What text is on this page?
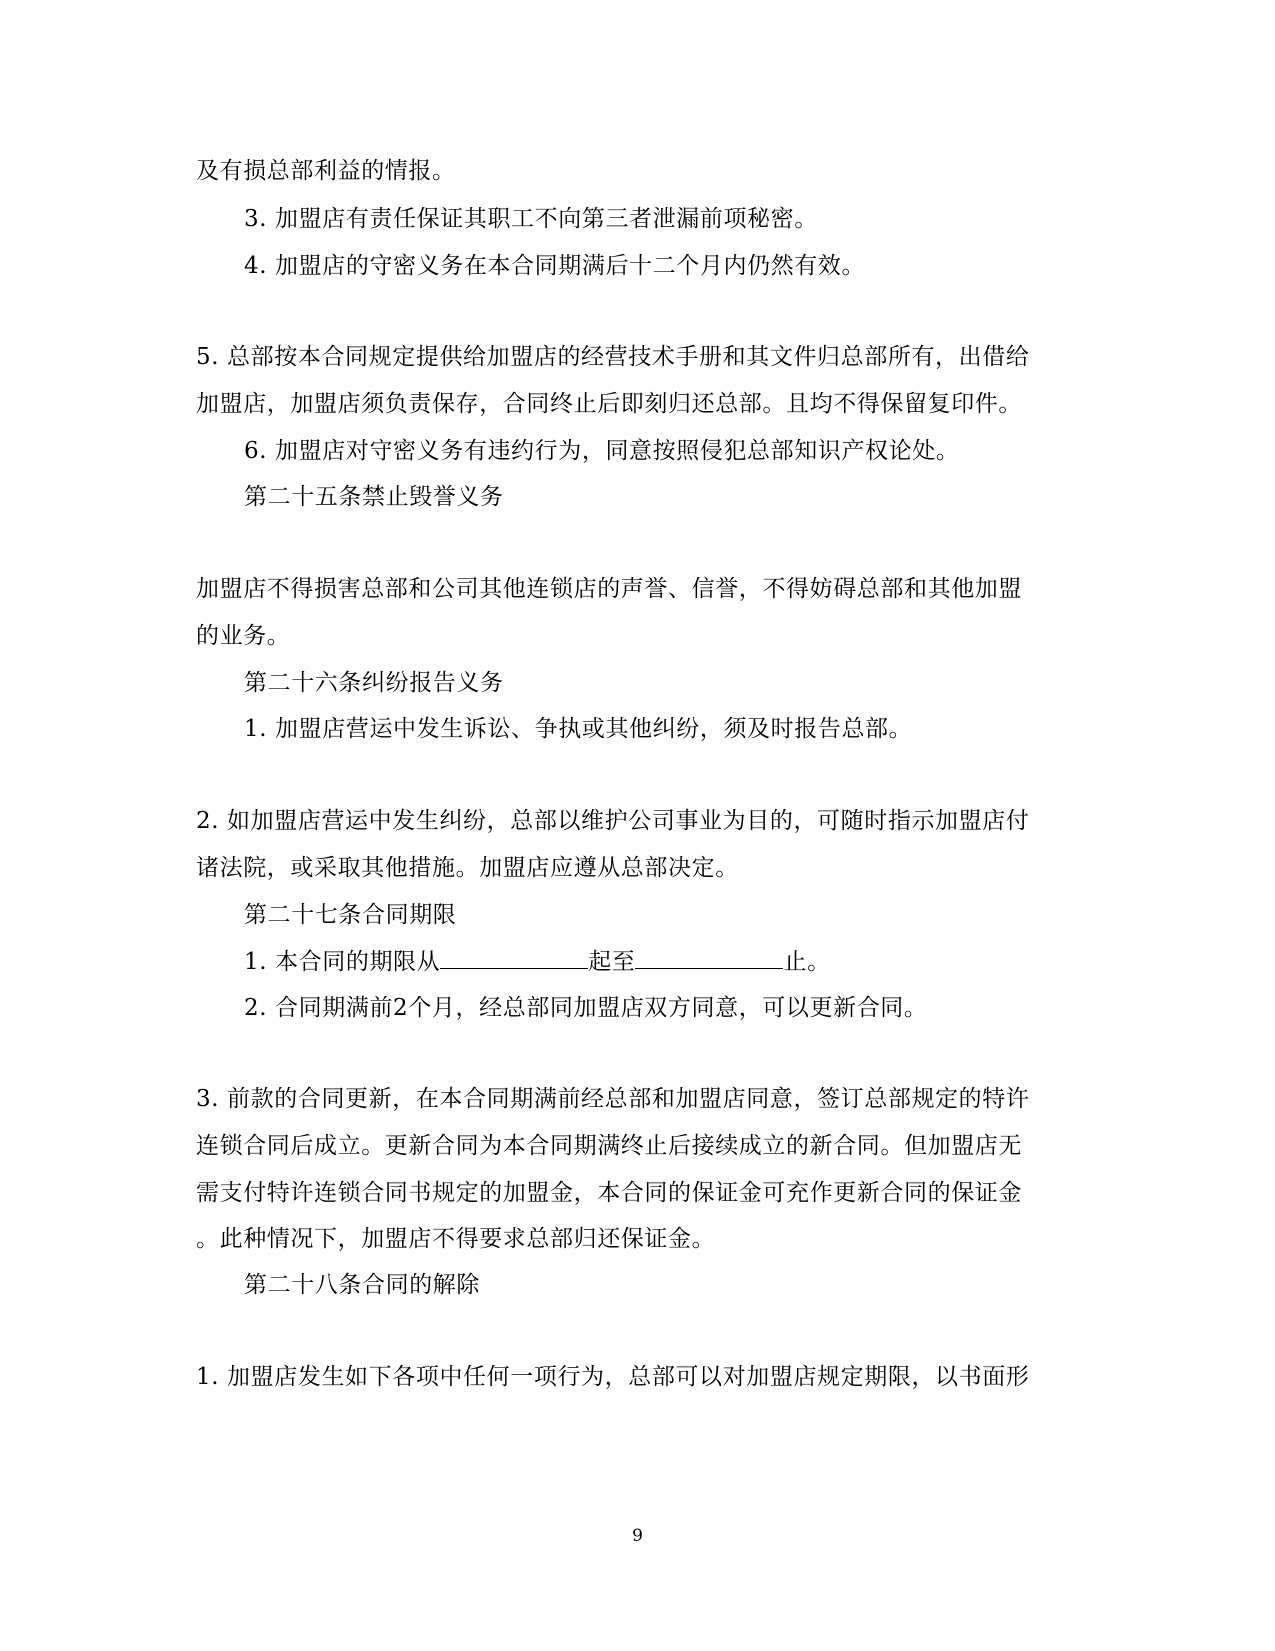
及有损总部利益的情报。
3. 加盟店有责任保证其职工不向第三者泄漏前项秘密。
4. 加盟店的守密义务在本合同期满后十二个月内仍然有效。
5. 总部按本合同规定提供给加盟店的经营技术手册和其文件归总部所有，出借给
加盟店，加盟店须负责保存，合同终止后即刻归还总部。且均不得保留复印件。
6. 加盟店对守密义务有违约行为，同意按照侵犯总部知识产权论处。
第二十五条禁止毁誉义务
加盟店不得损害总部和公司其他连锁店的声誉、信誉，不得妨碍总部和其他加盟
的业务。
第二十六条纠纷报告义务
1. 加盟店营运中发生诉讼、争执或其他纠纷，须及时报告总部。
2. 如加盟店营运中发生纠纷，总部以维护公司事业为目的，可随时指示加盟店付
诸法院，或采取其他措施。加盟店应遵从总部决定。
第二十七条合同期限
1. 本合同的期限从	起至	止。
2. 合同期满前2个月，经总部同加盟店双方同意，可以更新合同。
3. 前款的合同更新，在本合同期满前经总部和加盟店同意，签订总部规定的特许
连锁合同后成立。更新合同为本合同期满终止后接续成立的新合同。但加盟店无
需支付特许连锁合同书规定的加盟金，本合同的保证金可充作更新合同的保证金
。此种情况下，加盟店不得要求总部归还保证金。
第二十八条合同的解除
1. 加盟店发生如下各项中任何一项行为，总部可以对加盟店规定期限，以书面形
9
